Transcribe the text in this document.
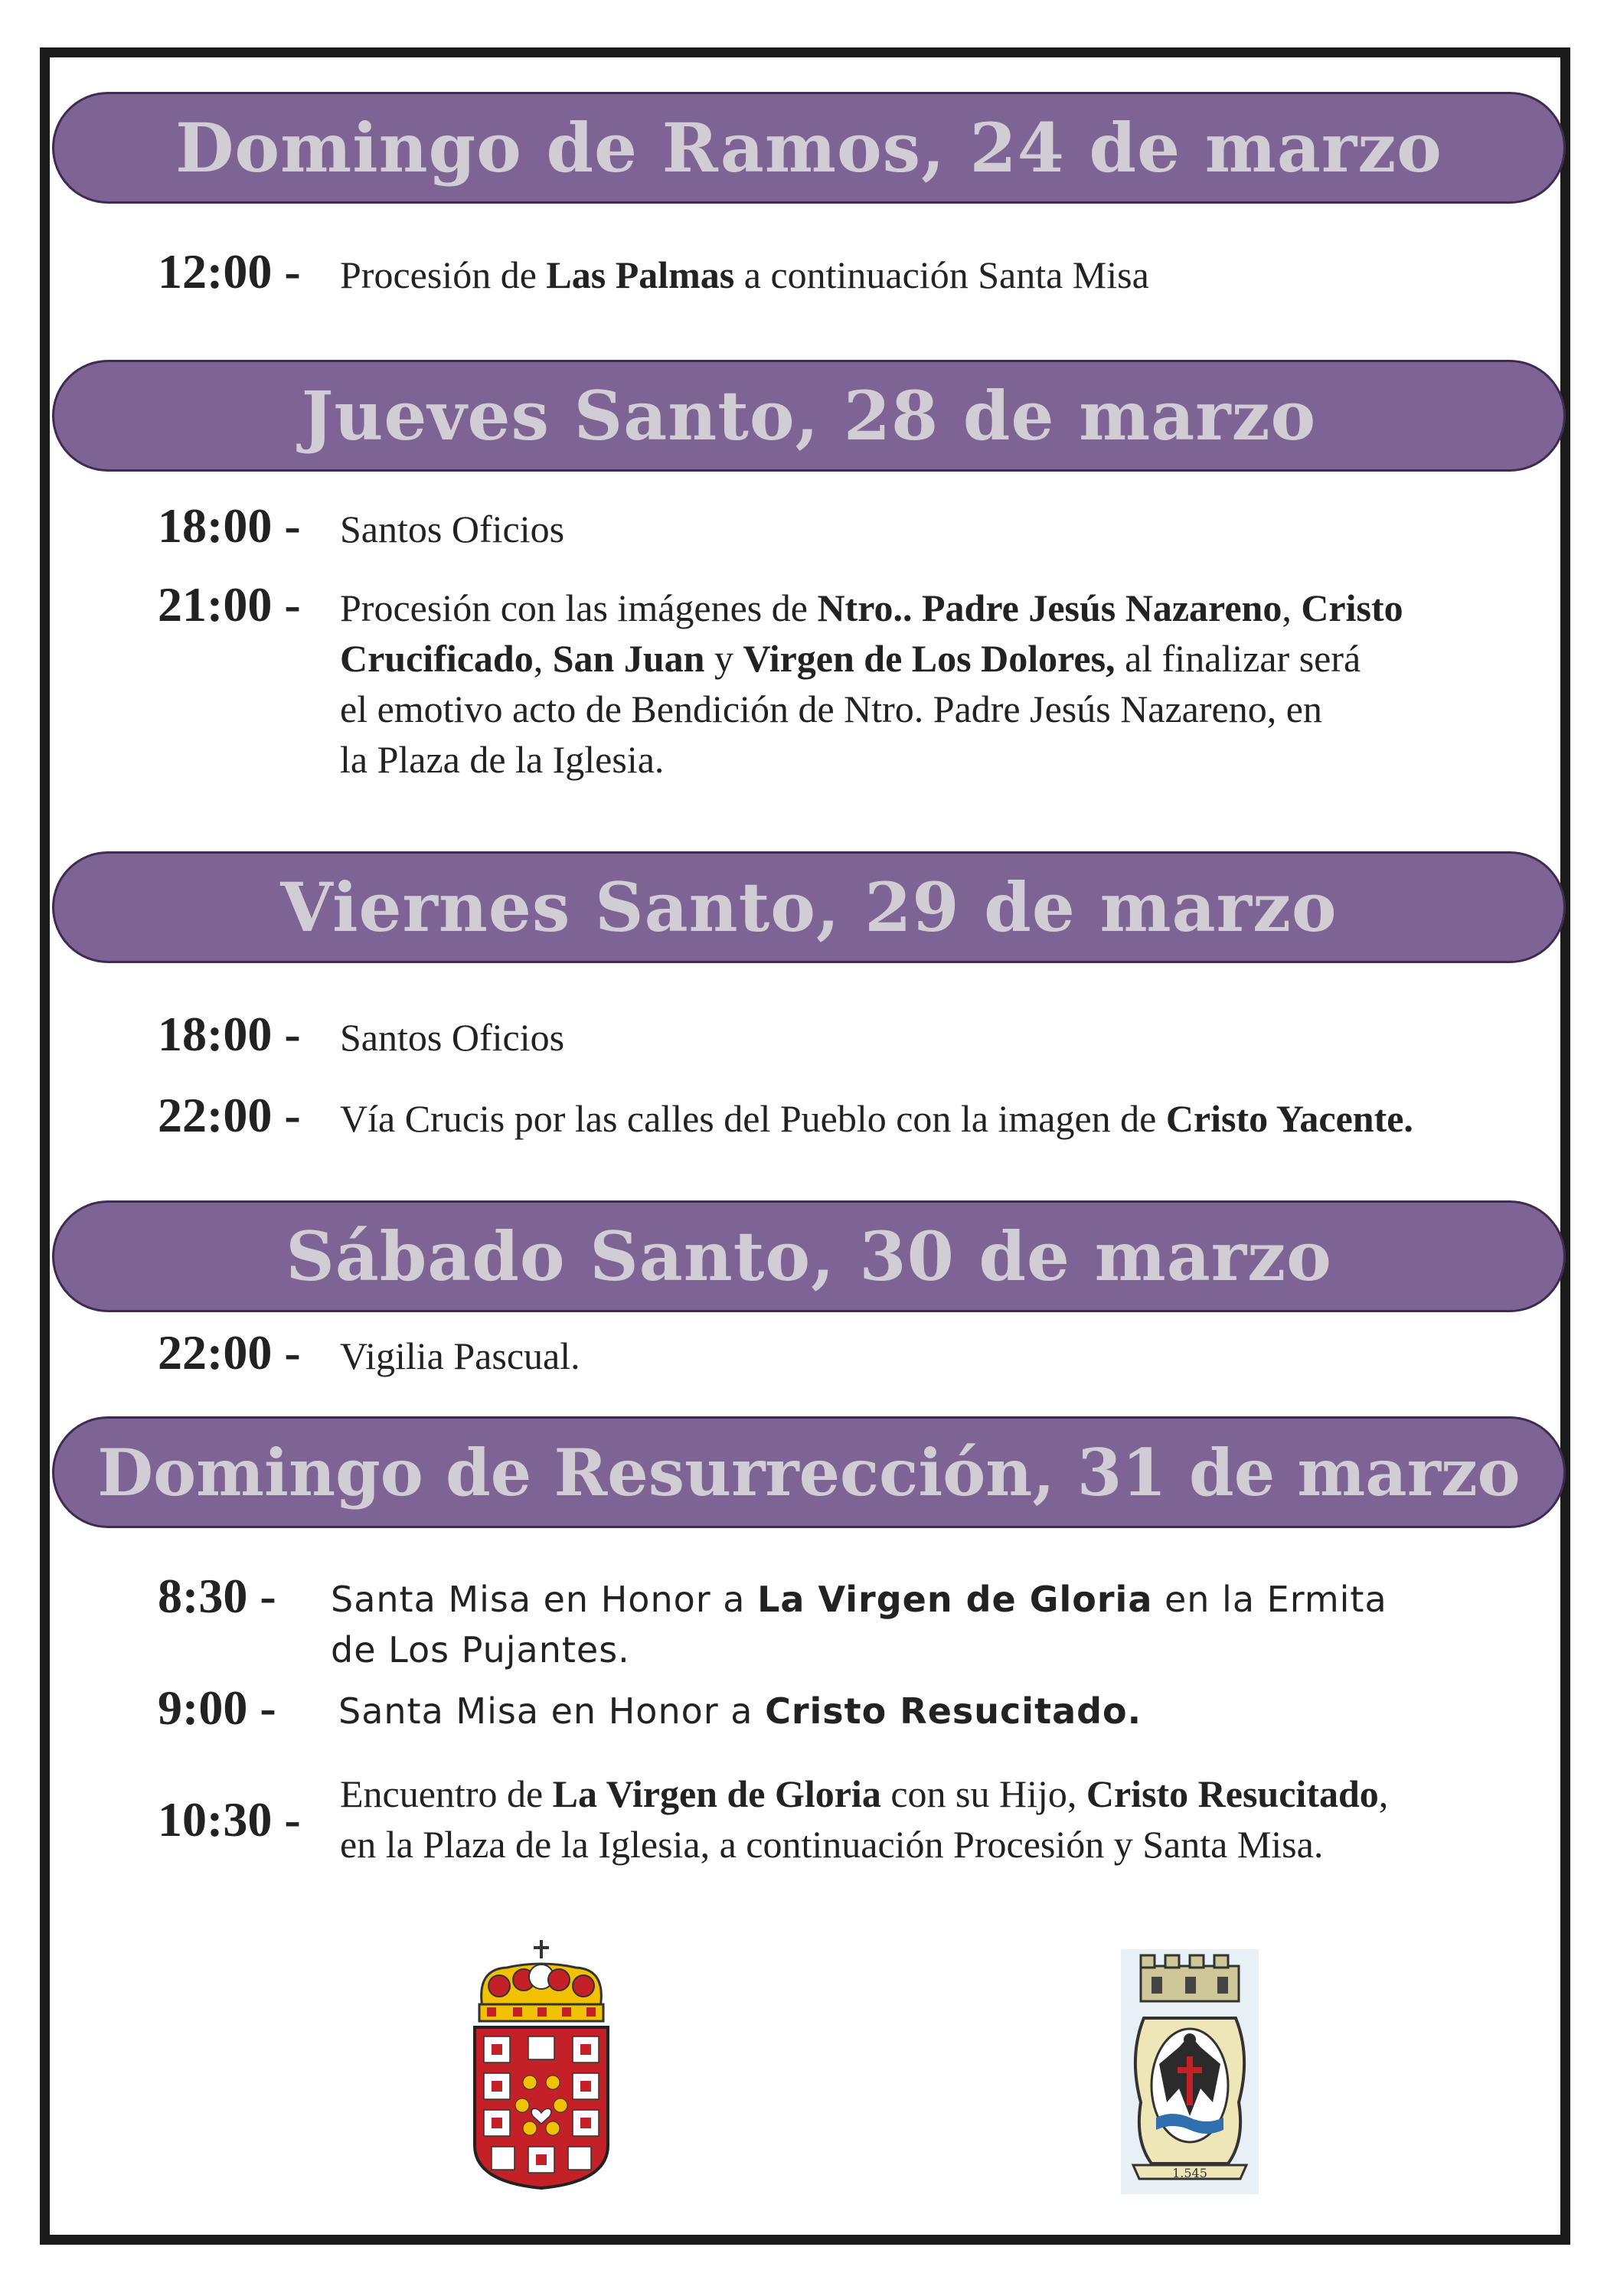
Domingo de Ramos, 24 de marzo
12:00 - Procesión de Las Palmas a continuación Santa Misa
Jueves Santo, 28 de marzo
18:00 - Santos Oficios
21:00 - Procesión con las imágenes de Ntro.. Padre Jesús Nazareno, Cristo
Crucificado, San Juan y Virgen de Los Dolores, al finalizar será
el emotivo acto de Bendición de Ntro. Padre Jesús Nazareno, en
la Plaza de la Iglesia.
Viernes Santo, 29 de marzo
18:00 - Santos Oficios
22:00 - Vía Crucis por las calles del Pueblo con la imagen de Cristo Yacente.
Sábado Santo, 30 de marzo
22:00 - Vigilia Pascual.
Domingo de Resurrección, 31 de marzo
8:30 - Santa Misa en Honor a La Virgen de Gloria en la Ermita
de Los Pujantes.
9:00 - Santa Misa en Honor a Cristo Resucitado.
10:30 - Encuentro de La Virgen de Gloria con su Hijo, Cristo Resucitado,
en la Plaza de la Iglesia, a continuación Procesión y Santa Misa.
1.545
